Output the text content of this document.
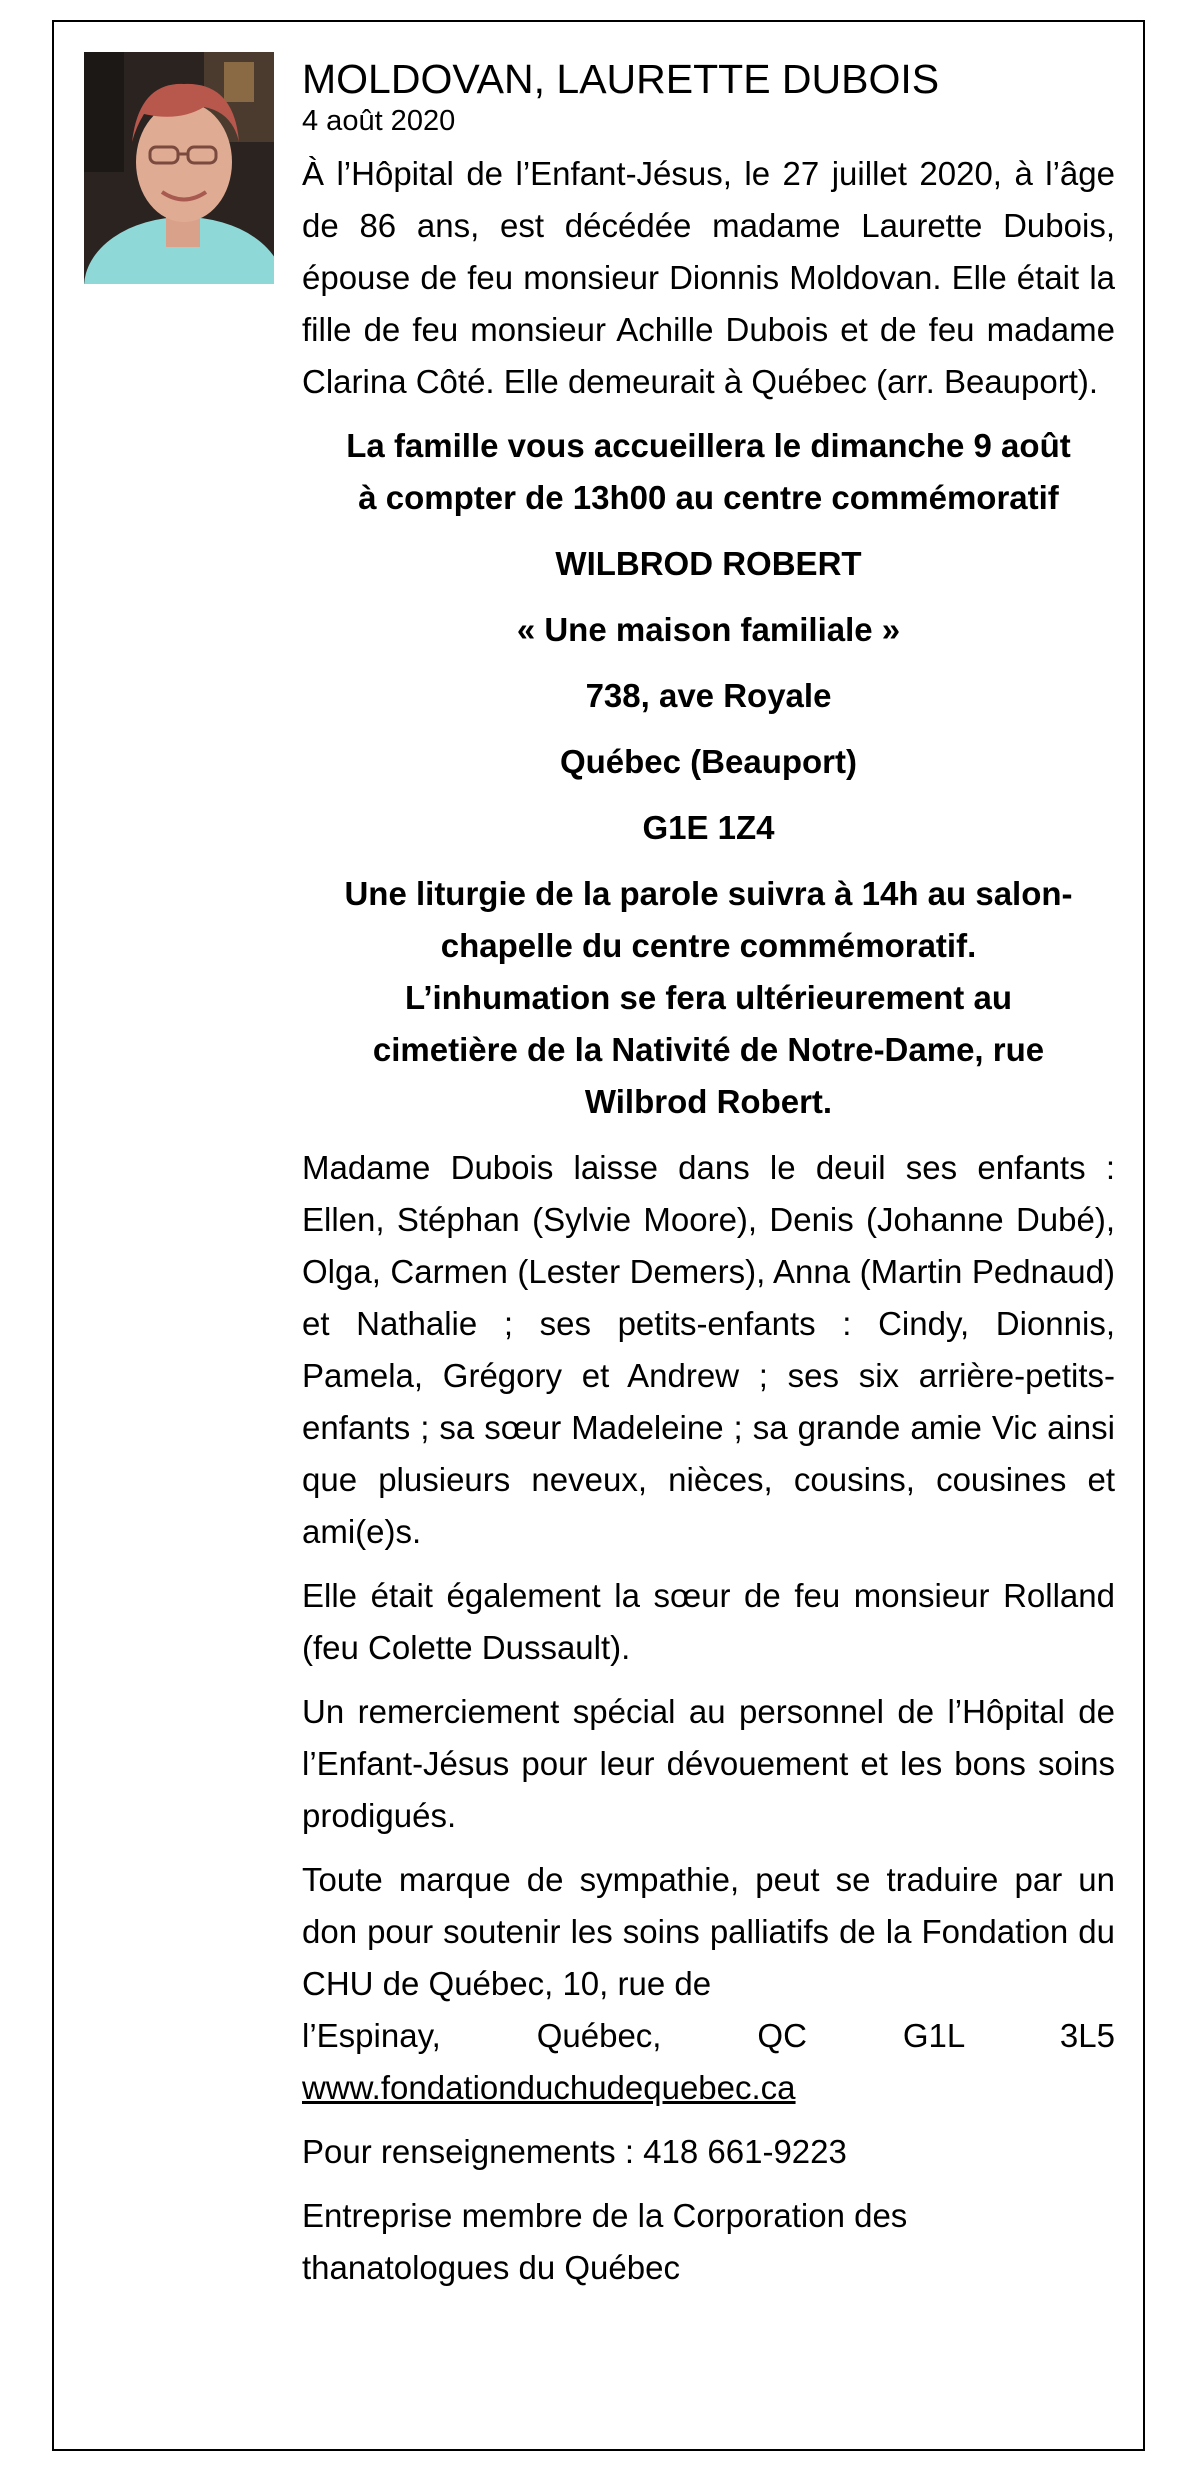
MOLDOVAN, LAURETTE DUBOIS

4 août 2020

À l’Hôpital de l’Enfant-Jésus, le 27 juillet 2020, à l’âge de 86 ans, est décédée madame Laurette Dubois, épouse de feu monsieur Dionnis Moldovan. Elle était la fille de feu monsieur Achille Dubois et de feu madame Clarina Côté. Elle demeurait à Québec (arr. Beauport).

La famille vous accueillera le dimanche 9 août

à compter de 13h00 au centre commémoratif

WILBROD ROBERT

« Une maison familiale »

738, ave Royale

Québec (Beauport)

G1E 1Z4

Une liturgie de la parole suivra à 14h au salon-

chapelle du centre commémoratif.

L’inhumation se fera ultérieurement au

cimetière de la Nativité de Notre-Dame, rue

Wilbrod Robert.

Madame Dubois laisse dans le deuil ses enfants : Ellen, Stéphan (Sylvie Moore), Denis (Johanne Dubé), Olga, Carmen (Lester Demers), Anna (Martin Pednaud) et Nathalie ; ses petits-enfants : Cindy, Dionnis, Pamela, Grégory et Andrew ; ses six arrière-petits-enfants ; sa sœur Madeleine ; sa grande amie Vic ainsi que plusieurs neveux, nièces, cousins, cousines et ami(e)s.

Elle était également la sœur de feu monsieur Rolland (feu Colette Dussault).

Un remerciement spécial au personnel de l’Hôpital de l’Enfant-Jésus pour leur dévouement et les bons soins prodigués.

Toute marque de sympathie, peut se traduire par un don pour soutenir les soins palliatifs de la Fondation du CHU de Québec, 10, rue de
l’Espinay, Québec, QC G1L 3L5
www.fondationduchudequebec.ca

Pour renseignements : 418 661-9223

Entreprise membre de la Corporation des thanatologues du Québec
